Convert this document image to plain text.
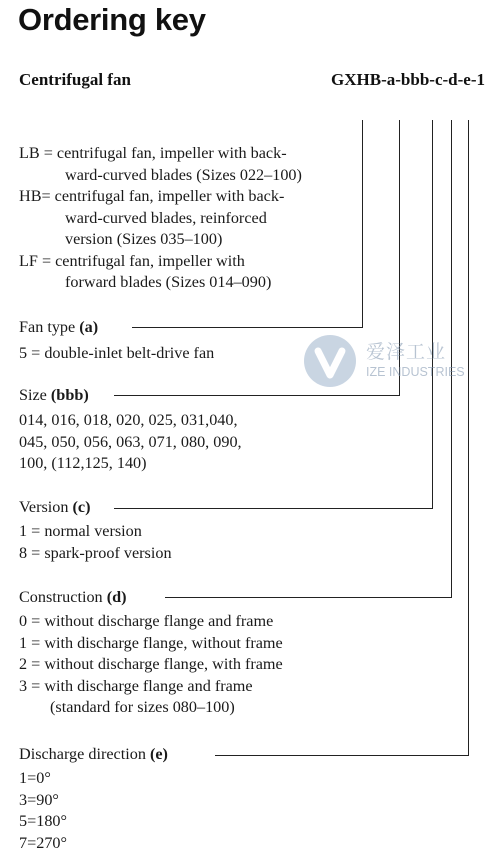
Ordering key
Centrifugal fan	GXHB-a-bbb-c-d-e-1
LB = centrifugal fan, impeller with back-
ward-curved blades (Sizes 022–100)
HB= centrifugal fan, impeller with back-
ward-curved blades, reinforced
version (Sizes 035–100)
LF = centrifugal fan, impeller with
forward blades (Sizes 014–090)
Fan type (a)
5 = double-inlet belt-drive fan
Size (bbb)
014, 016, 018, 020, 025, 031,040,
045, 050, 056, 063, 071, 080, 090,
100, (112,125, 140)
Version (c)
1 = normal version
8 = spark-proof version
Construction (d)
0 = without discharge flange and frame
1 = with discharge flange, without frame
2 = without discharge flange, with frame
3 = with discharge flange and frame
(standard for sizes 080–100)
Discharge direction (e)
1=0°
3=90°
5=180°
7=270°
爱泽工业
IZE INDUSTRIES
